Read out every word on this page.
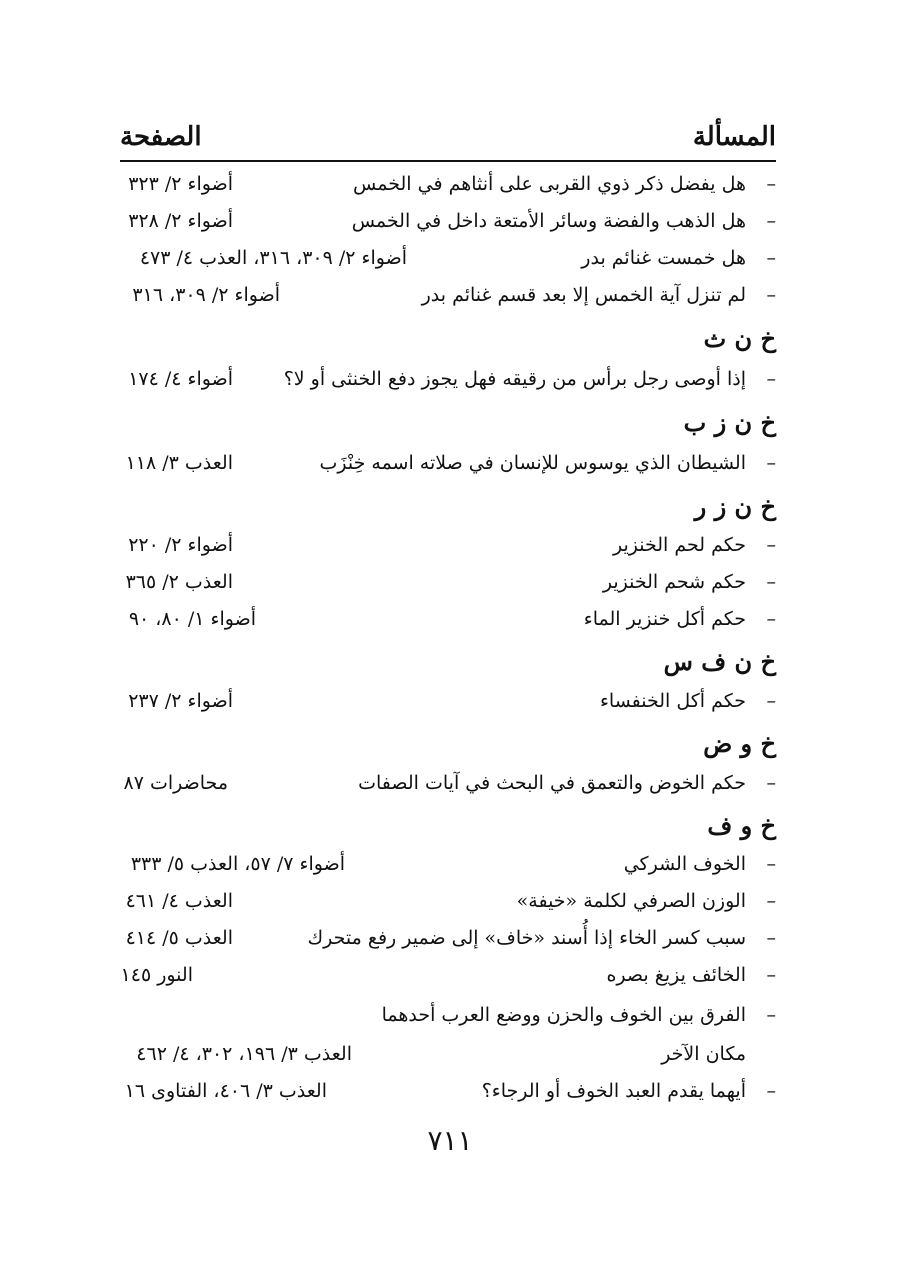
المسألة
الصفحة
–
هل يفضل ذكر ذوي القربى على أنثاهم في الخمس
أضواء ٢/ ٣٢٣
–
هل الذهب والفضة وسائر الأمتعة داخل في الخمس
أضواء ٢/ ٣٢٨
–
هل خمست غنائم بدر
أضواء ٢/ ٣٠٩، ٣١٦، العذب ٤/ ٤٧٣
–
لم تنزل آية الخمس إلا بعد قسم غنائم بدر
أضواء ٢/ ٣٠٩، ٣١٦
خ ن ث
–
إذا أوصى رجل برأس من رقيقه فهل يجوز دفع الخنثى أو لا؟
أضواء ٤/ ١٧٤
خ ن ز ب
–
الشيطان الذي يوسوس للإنسان في صلاته اسمه خِنْزَب
العذب ٣/ ١١٨
خ ن ز ر
–
حكم لحم الخنزير
أضواء ٢/ ٢٢٠
–
حكم شحم الخنزير
العذب ٢/ ٣٦٥
–
حكم أكل خنزير الماء
أضواء ١/ ٨٠، ٩٠
خ ن ف س
–
حكم أكل الخنفساء
أضواء ٢/ ٢٣٧
خ و ض
–
حكم الخوض والتعمق في البحث في آيات الصفات
محاضرات ٨٧
خ و ف
–
الخوف الشركي
أضواء ٧/ ٥٧، العذب ٥/ ٣٣٣
–
الوزن الصرفي لكلمة «خيفة»
العذب ٤/ ٤٦١
–
سبب كسر الخاء إذا أُسند «خاف» إلى ضمير رفع متحرك
العذب ٥/ ٤١٤
–
الخائف يزيغ بصره
النور ١٤٥
–
الفرق بين الخوف والحزن ووضع العرب أحدهما
مكان الآخر
العذب ٣/ ١٩٦، ٣٠٢، ٤/ ٤٦٢
–
أيهما يقدم العبد الخوف أو الرجاء؟
العذب ٣/ ٤٠٦، الفتاوى ١٦
٧١١
